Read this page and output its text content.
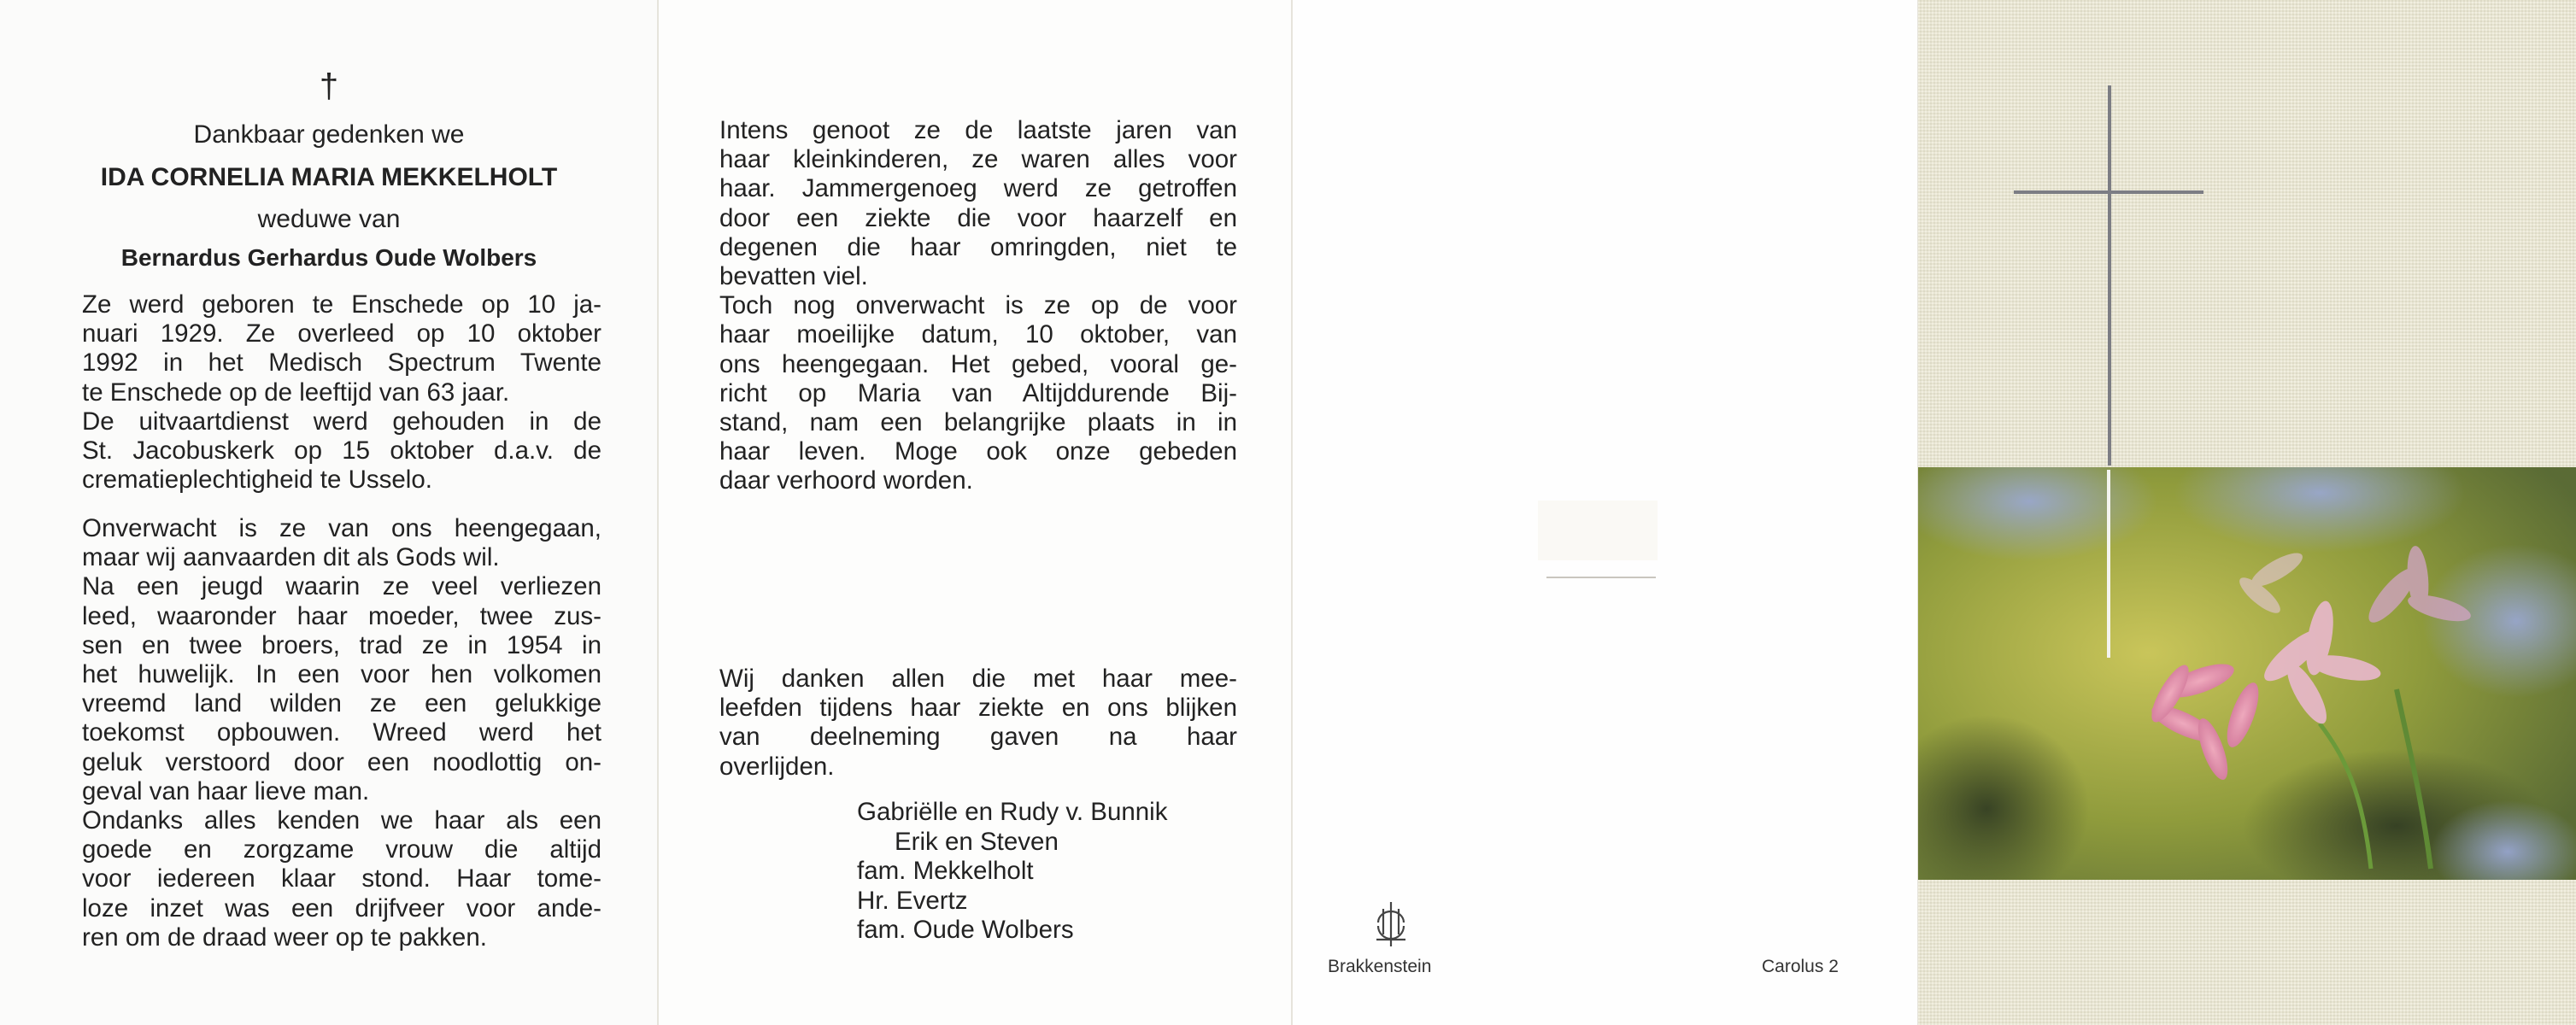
†
Dankbaar gedenken we
IDA CORNELIA MARIA MEKKELHOLT
weduwe van
Bernardus Gerhardus Oude Wolbers
Ze werd geboren te Enschede op 10 ja-
nuari 1929. Ze overleed op 10 oktober
1992 in het Medisch Spectrum Twente
te Enschede op de leeftijd van 63 jaar.
De uitvaartdienst werd gehouden in de
St. Jacobuskerk op 15 oktober d.a.v. de
crematieplechtigheid te Usselo.
Onverwacht is ze van ons heengegaan,
maar wij aanvaarden dit als Gods wil.
Na een jeugd waarin ze veel verliezen
leed, waaronder haar moeder, twee zus-
sen en twee broers, trad ze in 1954 in
het huwelijk. In een voor hen volkomen
vreemd land wilden ze een gelukkige
toekomst opbouwen. Wreed werd het
geluk verstoord door een noodlottig on-
geval van haar lieve man.
Ondanks alles kenden we haar als een
goede en zorgzame vrouw die altijd
voor iedereen klaar stond. Haar tome-
loze inzet was een drijfveer voor ande-
ren om de draad weer op te pakken.
Intens genoot ze de laatste jaren van
haar kleinkinderen, ze waren alles voor
haar. Jammergenoeg werd ze getroffen
door een ziekte die voor haarzelf en
degenen die haar omringden, niet te
bevatten viel.
Toch nog onverwacht is ze op de voor
haar moeilijke datum, 10 oktober, van
ons heengegaan. Het gebed, vooral ge-
richt op Maria van Altijddurende Bij-
stand, nam een belangrijke plaats in in
haar leven. Moge ook onze gebeden
daar verhoord worden.
Wij danken allen die met haar mee-
leefden tijdens haar ziekte en ons blijken
van deelneming gaven na haar
overlijden.
Gabriëlle en Rudy v. Bunnik
Erik en Steven
fam. Mekkelholt
Hr. Evertz
fam. Oude Wolbers
Brakkenstein	Carolus 2
